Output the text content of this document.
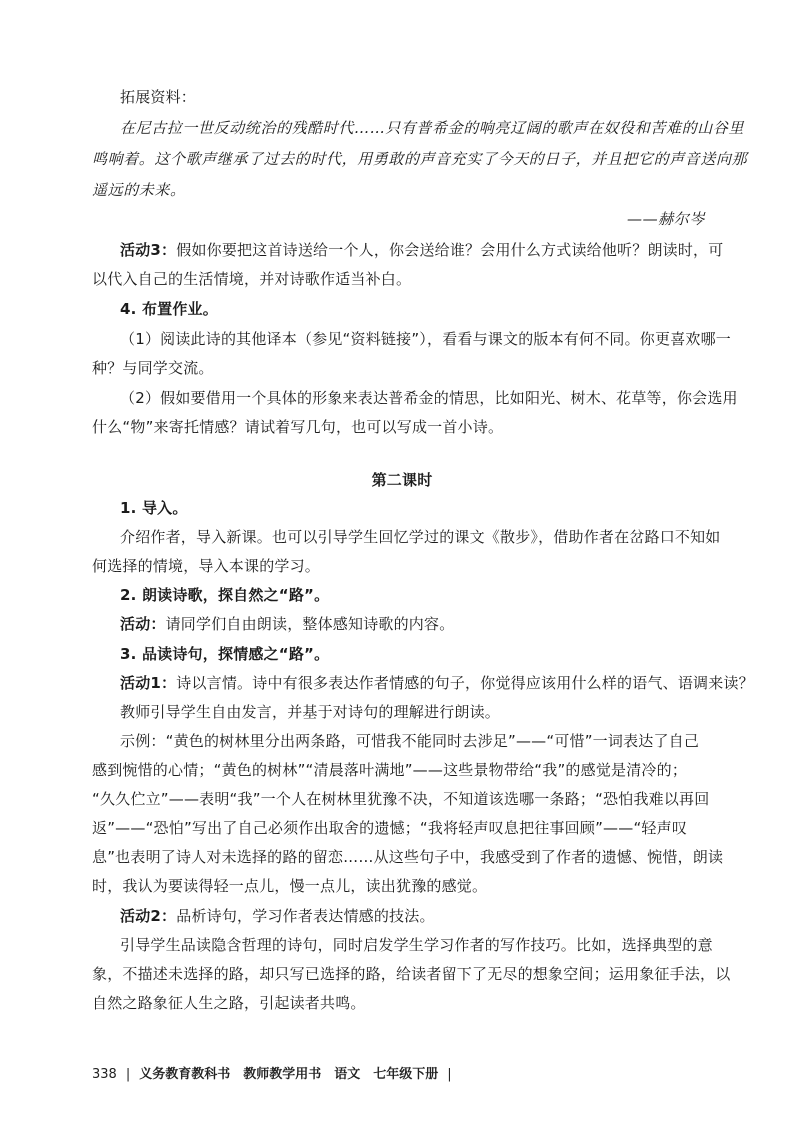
拓展资料：
在尼古拉一世反动统治的残酷时代……只有普希金的响亮辽阔的歌声在奴役和苦难的山谷里
鸣响着。这个歌声继承了过去的时代，用勇敢的声音充实了今天的日子，并且把它的声音送向那
遥远的未来。
——赫尔岑
活动3：假如你要把这首诗送给一个人，你会送给谁？会用什么方式读给他听？朗读时，可
以代入自己的生活情境，并对诗歌作适当补白。
4. 布置作业。
（1）阅读此诗的其他译本（参见“资料链接”），看看与课文的版本有何不同。你更喜欢哪一
种？与同学交流。
（2）假如要借用一个具体的形象来表达普希金的情思，比如阳光、树木、花草等，你会选用
什么“物”来寄托情感？请试着写几句，也可以写成一首小诗。
第二课时
1. 导入。
介绍作者，导入新课。也可以引导学生回忆学过的课文《散步》，借助作者在岔路口不知如
何选择的情境，导入本课的学习。
2. 朗读诗歌，探自然之“路”。
活动：请同学们自由朗读，整体感知诗歌的内容。
3. 品读诗句，探情感之“路”。
活动1：诗以言情。诗中有很多表达作者情感的句子，你觉得应该用什么样的语气、语调来读？
教师引导学生自由发言，并基于对诗句的理解进行朗读。
示例：“黄色的树林里分出两条路，可惜我不能同时去涉足”——“可惜”一词表达了自己
感到惋惜的心情；“黄色的树林”“清晨落叶满地”——这些景物带给“我”的感觉是清冷的；
“久久伫立”——表明“我”一个人在树林里犹豫不决，不知道该选哪一条路；“恐怕我难以再回
返”——“恐怕”写出了自己必须作出取舍的遗憾；“我将轻声叹息把往事回顾”——“轻声叹
息”也表明了诗人对未选择的路的留恋……从这些句子中，我感受到了作者的遗憾、惋惜，朗读
时，我认为要读得轻一点儿，慢一点儿，读出犹豫的感觉。
活动2：品析诗句，学习作者表达情感的技法。
引导学生品读隐含哲理的诗句，同时启发学生学习作者的写作技巧。比如，选择典型的意
象，不描述未选择的路，却只写已选择的路，给读者留下了无尽的想象空间；运用象征手法，以
自然之路象征人生之路，引起读者共鸣。
338 | 义务教育教科书　教师教学用书　语文　七年级下册 |
